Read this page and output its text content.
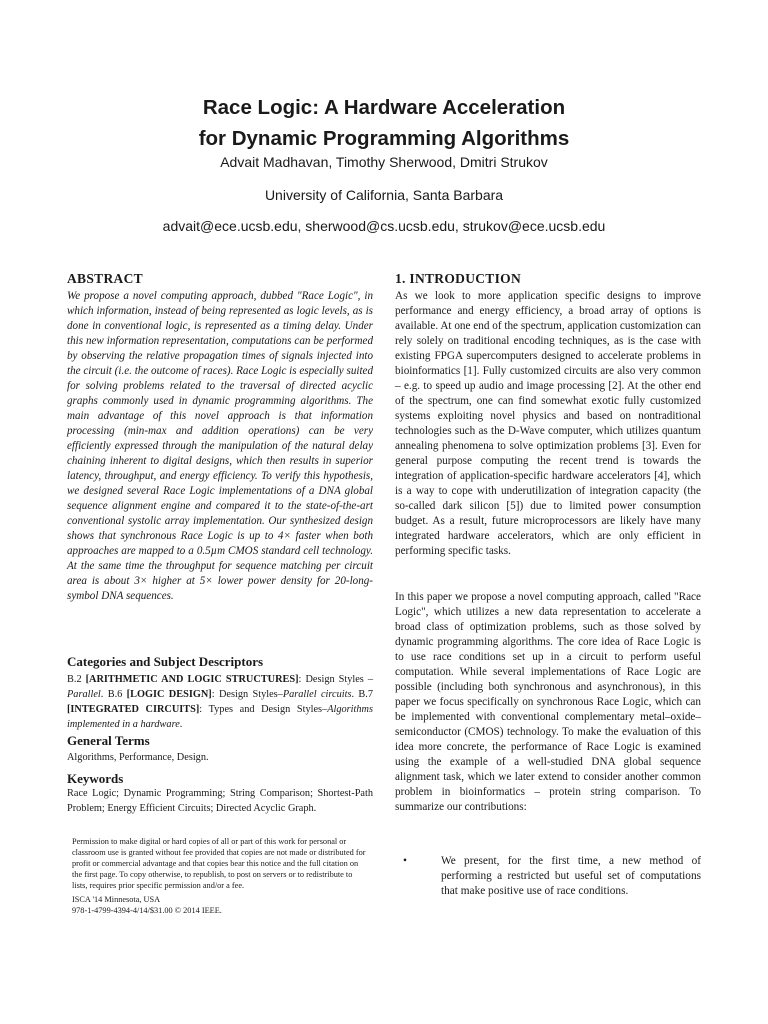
Race Logic: A Hardware Acceleration
for Dynamic Programming Algorithms
Advait Madhavan, Timothy Sherwood, Dmitri Strukov
University of California, Santa Barbara
advait@ece.ucsb.edu, sherwood@cs.ucsb.edu, strukov@ece.ucsb.edu
ABSTRACT
We propose a novel computing approach, dubbed "Race Logic", in which information, instead of being represented as logic levels, as is done in conventional logic, is represented as a timing delay. Under this new information representation, computations can be performed by observing the relative propagation times of signals injected into the circuit (i.e. the outcome of races). Race Logic is especially suited for solving problems related to the traversal of directed acyclic graphs commonly used in dynamic programming algorithms. The main advantage of this novel approach is that information processing (min-max and addition operations) can be very efficiently expressed through the manipulation of the natural delay chaining inherent to digital designs, which then results in superior latency, throughput, and energy efficiency. To verify this hypothesis, we designed several Race Logic implementations of a DNA global sequence alignment engine and compared it to the state-of-the-art conventional systolic array implementation. Our synthesized design shows that synchronous Race Logic is up to 4× faster when both approaches are mapped to a 0.5µm CMOS standard cell technology. At the same time the throughput for sequence matching per circuit area is about 3× higher at 5× lower power density for 20-long-symbol DNA sequences.
Categories and Subject Descriptors
B.2 [ARITHMETIC AND LOGIC STRUCTURES]: Design Styles – Parallel. B.6 [LOGIC DESIGN]: Design Styles–Parallel circuits. B.7 [INTEGRATED CIRCUITS]: Types and Design Styles–Algorithms implemented in a hardware.
General Terms
Algorithms, Performance, Design.
Keywords
Race Logic; Dynamic Programming; String Comparison; Shortest-Path Problem; Energy Efficient Circuits; Directed Acyclic Graph.
Permission to make digital or hard copies of all or part of this work for personal or classroom use is granted without fee provided that copies are not made or distributed for profit or commercial advantage and that copies bear this notice and the full citation on the first page. To copy otherwise, to republish, to post on servers or to redistribute to lists, requires prior specific permission and/or a fee.
ISCA '14 Minnesota, USA
978-1-4799-4394-4/14/$31.00 © 2014 IEEE.
1. INTRODUCTION
As we look to more application specific designs to improve performance and energy efficiency, a broad array of options is available. At one end of the spectrum, application customization can rely solely on traditional encoding techniques, as is the case with existing FPGA supercomputers designed to accelerate problems in bioinformatics [1]. Fully customized circuits are also very common – e.g. to speed up audio and image processing [2]. At the other end of the spectrum, one can find somewhat exotic fully customized systems exploiting novel physics and based on nontraditional technologies such as the D-Wave computer, which utilizes quantum annealing phenomena to solve optimization problems [3]. Even for general purpose computing the recent trend is towards the integration of application-specific hardware accelerators [4], which is a way to cope with underutilization of integration capacity (the so-called dark silicon [5]) due to limited power consumption budget. As a result, future microprocessors are likely have many integrated hardware accelerators, which are only efficient in performing specific tasks.
In this paper we propose a novel computing approach, called "Race Logic", which utilizes a new data representation to accelerate a broad class of optimization problems, such as those solved by dynamic programming algorithms. The core idea of Race Logic is to use race conditions set up in a circuit to perform useful computation. While several implementations of Race Logic are possible (including both synchronous and asynchronous), in this paper we focus specifically on synchronous Race Logic, which can be implemented with conventional complementary metal–oxide–semiconductor (CMOS) technology. To make the evaluation of this idea more concrete, the performance of Race Logic is examined using the example of a well-studied DNA global sequence alignment task, which we later extend to consider another common problem in bioinformatics – protein string comparison. To summarize our contributions:
•	We present, for the first time, a new method of performing a restricted but useful set of computations that make positive use of race conditions.
